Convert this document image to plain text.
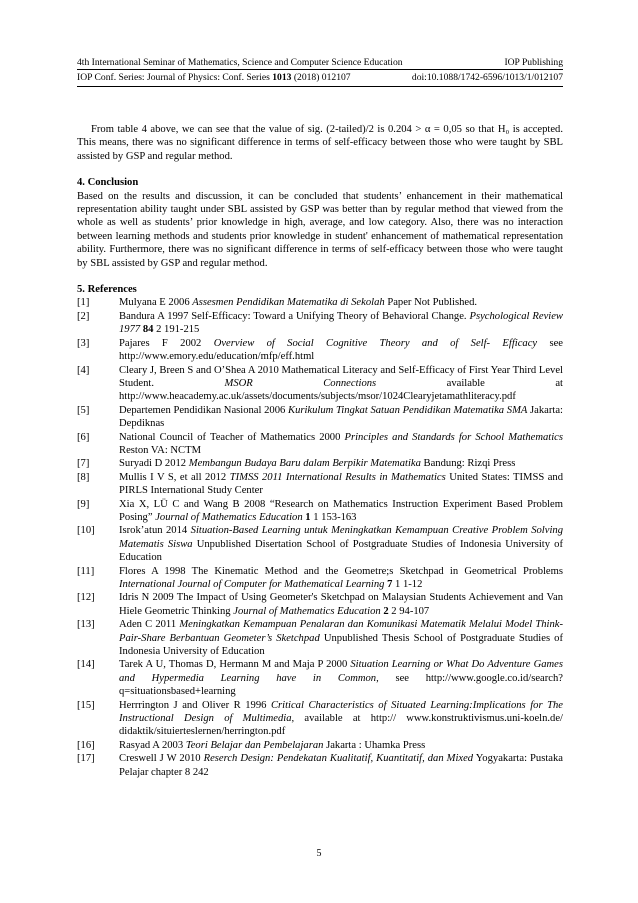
4th International Seminar of Mathematics, Science and Computer Science Education	IOP Publishing
IOP Conf. Series: Journal of Physics: Conf. Series 1013 (2018) 012107	doi:10.1088/1742-6596/1013/1/012107

From table 4 above, we can see that the value of sig. (2-tailed)/2 is 0.204 > α = 0,05 so that H₀ is accepted. This means, there was no significant difference in terms of self-efficacy between those who were taught by SBL assisted by GSP and regular method.

4. Conclusion

Based on the results and discussion, it can be concluded that students’ enhancement in their mathematical representation ability taught under SBL assisted by GSP was better than by regular method that viewed from the whole as well as students’ prior knowledge in high, average, and low category. Also, there was no interaction between learning methods and students prior knowledge in student' enhancement of mathematical representation ability. Furthermore, there was no significant difference in terms of self-efficacy between those who were taught by SBL assisted by GSP and regular method.

5. References

[1]	Mulyana E 2006 Assesmen Pendidikan Matematika di Sekolah Paper Not Published.

[2]	Bandura A 1997 Self-Efficacy: Toward a Unifying Theory of Behavioral Change. Psychological Review 1977 84 2 191-215

[3]	Pajares F 2002 Overview of Social Cognitive Theory and of Self- Efficacy see http://www.emory.edu/education/mfp/eff.html

[4]	Cleary J, Breen S and O’Shea A 2010 Mathematical Literacy and Self-Efficacy of First Year Third Level Student. MSOR Connections available at http://www.heacademy.ac.uk/assets/documents/subjects/msor/1024Clearyjetamathliteracy.pdf

[5]	Departemen Pendidikan Nasional 2006 Kurikulum Tingkat Satuan Pendidikan Matematika SMA Jakarta: Depdiknas

[6]	National Council of Teacher of Mathematics 2000 Principles and Standards for School Mathematics Reston VA: NCTM

[7]	Suryadi D 2012 Membangun Budaya Baru dalam Berpikir Matematika Bandung: Rizqi Press

[8]	Mullis I V S, et all 2012 TIMSS 2011 International Results in Mathematics United States: TIMSS and PIRLS International Study Center

[9]	Xia X, LÜ C and Wang B 2008 “Research on Mathematics Instruction Experiment Based Problem Posing” Journal of Mathematics Education 1 1 153-163

[10] Isrok’atun 2014 Situation-Based Learning untuk Meningkatkan Kemampuan Creative Problem Solving Matematis Siswa Unpublished Disertation School of Postgraduate Studies of Indonesia University of Education

[11] Flores A 1998 The Kinematic Method and the Geometre;s Sketchpad in Geometrical Problems International Journal of Computer for Mathematical Learning 7 1 1-12

[12] Idris N 2009 The Impact of Using Geometer's Sketchpad on Malaysian Students Achievement and Van Hiele Geometric Thinking Journal of Mathematics Education 2 2 94-107

[13] Aden C 2011 Meningkatkan Kemampuan Penalaran dan Komunikasi Matematik Melalui Model Think-Pair-Share Berbantuan Geometer’s Sketchpad Unpublished Thesis School of Postgraduate Studies of Indonesia University of Education

[14] Tarek A U, Thomas D, Hermann M and Maja P 2000 Situation Learning or What Do Adventure Games and Hypermedia Learning have in Common, see http://www.google.co.id/search?q=situationsbased+learning

[15] Herrrington J and Oliver R 1996 Critical Characteristics of Situated Learning:Implications for The Instructional Design of Multimedia, available at http:// www.konstruktivismus.uni-koeln.de/ didaktik/situierteslernen/herrington.pdf

[16] Rasyad A 2003 Teori Belajar dan Pembelajaran Jakarta : Uhamka Press

[17] Creswell J W 2010 Reserch Design: Pendekatan Kualitatif, Kuantitatif, dan Mixed Yogyakarta: Pustaka Pelajar chapter 8 242

5
